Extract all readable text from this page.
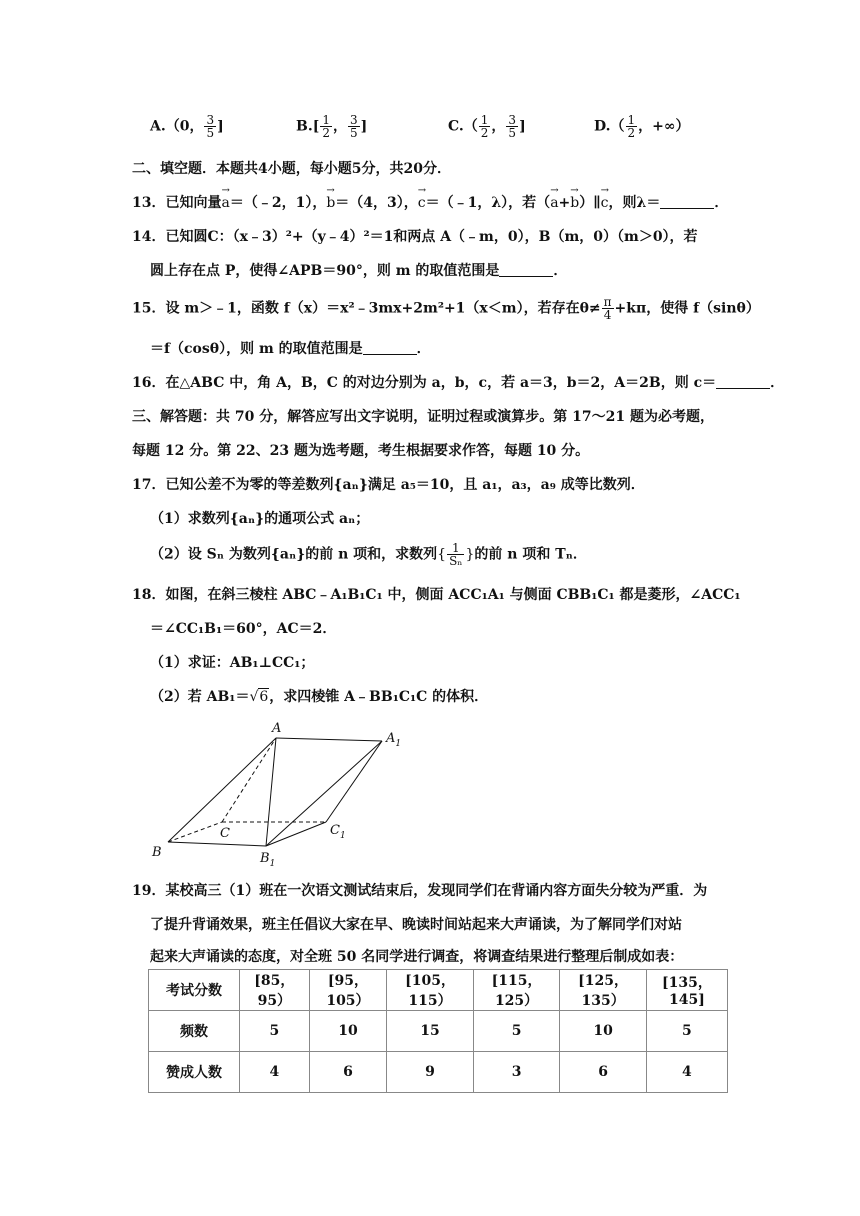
A.（0， $\frac{3}{5}$ ]	$B.[ \frac{1}{2}$ ， $\frac{3}{5}$ ]	$C.( \frac{1}{2}$ ， $\frac{3}{5}$ ]	$D.( \frac{1}{2}$ ，+∞）
二、填空题．本题共4小题，每小题5分，共20分．
13．已知向量→ a＝（﹣2，1），→ b＝（4，3），→ c＝（﹣1，λ），若（→ a+→ b）∥→ c，则λ＝	．
14．已知圆C：（x﹣3）²+（y﹣4）²＝1和两点 A（﹣m，0），B（m，0）（m＞0），若
圆上存在点 P，使得∠APB＝90°，则 m 的取值范围是	．
15．设 m＞﹣1，函数 f（x）＝x²﹣3mx+2m²+1（x＜m），若存在$\theta\ne \frac{\pi}{4} +k\pi$，使得 f（sinθ）
＝f（cosθ），则 m 的取值范围是	．
16．在△ABC 中，角 A，B，C 的对边分别为 a，b，c，若 a＝3，b＝2，A＝2B，则 c＝	．
三、解答题：共 70 分，解答应写出文字说明，证明过程或演算步。第 17～21 题为必考题，
每题 12 分。第 22、23 题为选考题，考生根据要求作答，每题 10 分。
17．已知公差不为零的等差数列{aₙ}满足 a₅＝10，且 a₁，a₃，a₉ 成等比数列．
（1）求数列{aₙ}的通项公式 aₙ；
（2）设 Sₙ 为数列{aₙ}的前 n 项和，求数列{ $\frac{1}{\text{Sₙ}}$ }的前 n 项和 Tₙ．
18．如图，在斜三棱柱 ABC﹣A₁B₁C₁ 中，侧面 ACC₁A₁ 与侧面 CBB₁C₁ 都是菱形，∠ACC₁
＝∠CC₁B₁＝60°，AC＝2．
（1）求证：AB₁⊥CC₁；
（2）若 AB₁＝√6，求四棱锥 A﹣BB₁C₁C 的体积．
A
$A_1$
B	$B_1$
C	$C_1$
19．某校高三（1）班在一次语文测试结束后，发现同学们在背诵内容方面失分较为严重．为
了提升背诵效果，班主任倡议大家在早、晚读时间站起来大声诵读，为了解同学们对站
起来大声诵读的态度，对全班 50 名同学进行调查，将调查结果进行整理后制成如表：
考试分数	[85，95）	[95，105）	[105，115）	[115，125）	[125，135）	[135，145]
频数	5	10	15	5	10	5
赞成人数	4	6	9	3	6	4
